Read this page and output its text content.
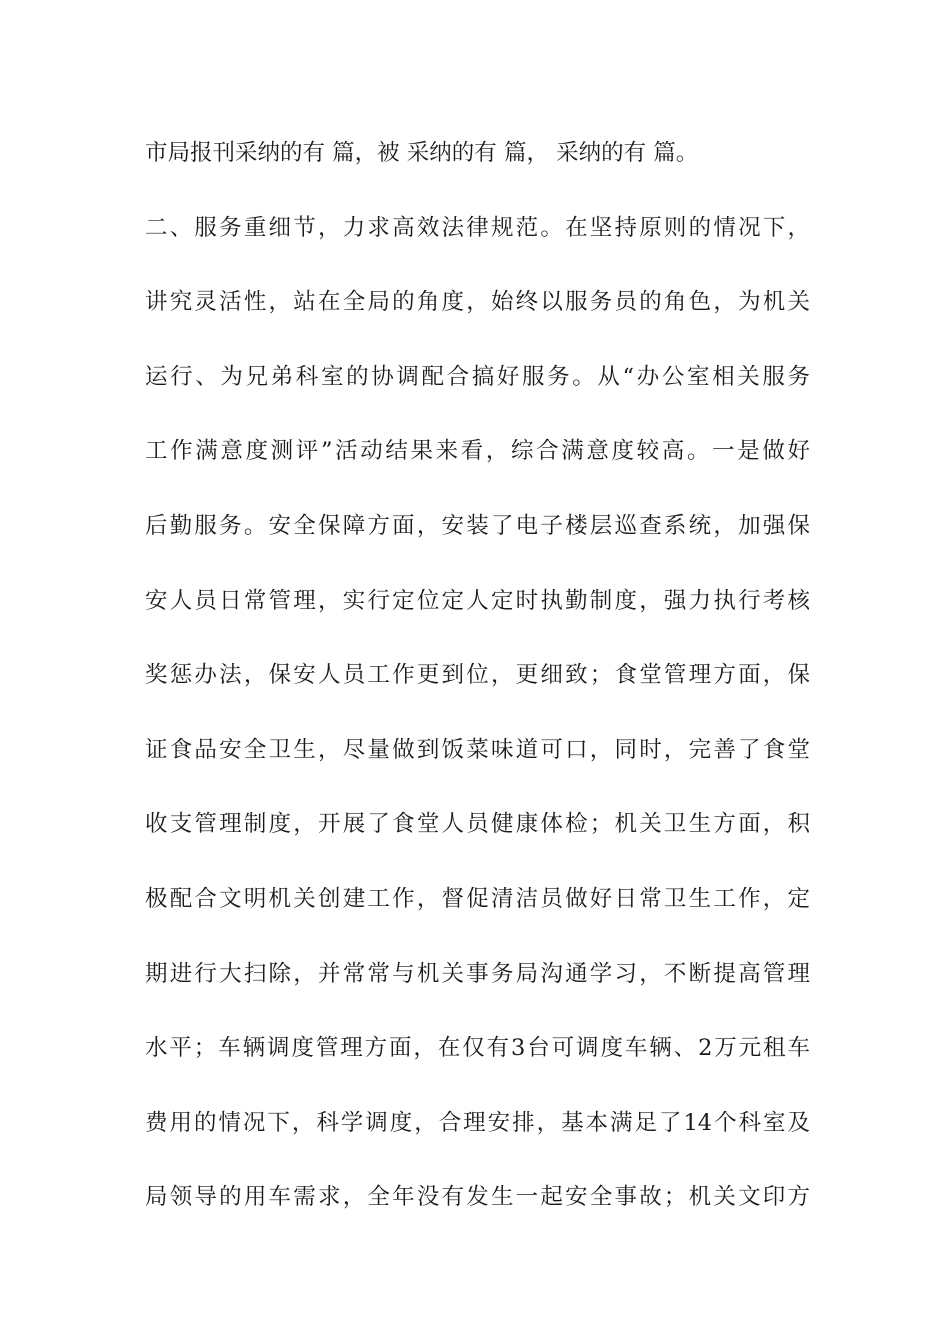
市局报刊采纳的有 篇，被 采纳的有 篇， 采纳的有 篇。
二、服务重细节，力求高效法律规范。在坚持原则的情况下，
讲究灵活性，站在全局的角度，始终以服务员的角色，为机关
运行、为兄弟科室的协调配合搞好服务。从“办公室相关服务
工作满意度测评”活动结果来看，综合满意度较高。一是做好
后勤服务。安全保障方面，安装了电子楼层巡查系统，加强保
安人员日常管理，实行定位定人定时执勤制度，强力执行考核
奖惩办法，保安人员工作更到位，更细致；食堂管理方面，保
证食品安全卫生，尽量做到饭菜味道可口，同时，完善了食堂
收支管理制度，开展了食堂人员健康体检；机关卫生方面，积
极配合文明机关创建工作，督促清洁员做好日常卫生工作，定
期进行大扫除，并常常与机关事务局沟通学习，不断提高管理
水平；车辆调度管理方面，在仅有3台可调度车辆、2万元租车
费用的情况下，科学调度，合理安排，基本满足了14个科室及
局领导的用车需求，全年没有发生一起安全事故；机关文印方
